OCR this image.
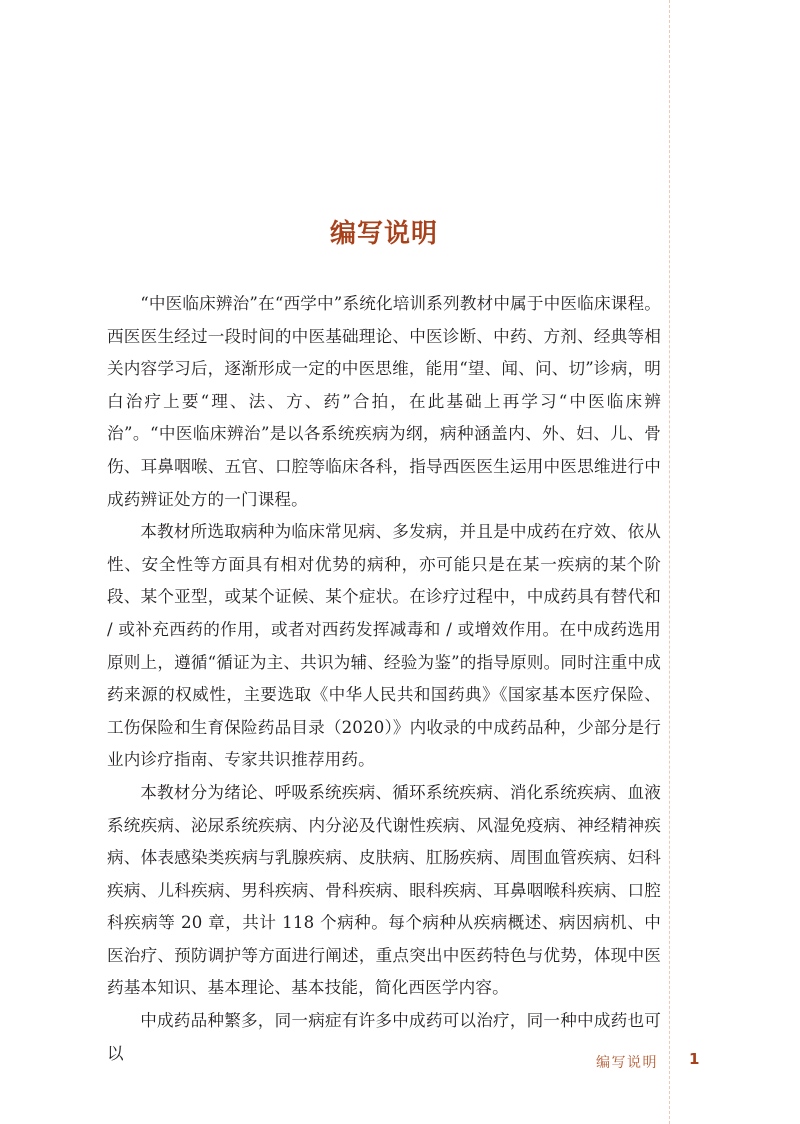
编写说明

“中医临床辨治”在“西学中”系统化培训系列教材中属于中医临床课程。西医医生经过一段时间的中医基础理论、中医诊断、中药、方剂、经典等相关内容学习后，逐渐形成一定的中医思维，能用“望、闻、问、切”诊病，明白治疗上要“理、法、方、药”合拍，在此基础上再学习“中医临床辨治”。“中医临床辨治”是以各系统疾病为纲，病种涵盖内、外、妇、儿、骨伤、耳鼻咽喉、五官、口腔等临床各科，指导西医医生运用中医思维进行中成药辨证处方的一门课程。

本教材所选取病种为临床常见病、多发病，并且是中成药在疗效、依从性、安全性等方面具有相对优势的病种，亦可能只是在某一疾病的某个阶段、某个亚型，或某个证候、某个症状。在诊疗过程中，中成药具有替代和 / 或补充西药的作用，或者对西药发挥减毒和 / 或增效作用。在中成药选用原则上，遵循“循证为主、共识为辅、经验为鉴”的指导原则。同时注重中成药来源的权威性，主要选取《中华人民共和国药典》《国家基本医疗保险、工伤保险和生育保险药品目录（2020）》内收录的中成药品种，少部分是行业内诊疗指南、专家共识推荐用药。

本教材分为绪论、呼吸系统疾病、循环系统疾病、消化系统疾病、血液系统疾病、泌尿系统疾病、内分泌及代谢性疾病、风湿免疫病、神经精神疾病、体表感染类疾病与乳腺疾病、皮肤病、肛肠疾病、周围血管疾病、妇科疾病、儿科疾病、男科疾病、骨科疾病、眼科疾病、耳鼻咽喉科疾病、口腔科疾病等 20 章，共计 118 个病种。每个病种从疾病概述、病因病机、中医治疗、预防调护等方面进行阐述，重点突出中医药特色与优势，体现中医药基本知识、基本理论、基本技能，简化西医学内容。

中成药品种繁多，同一病症有许多中成药可以治疗，同一种中成药也可以

编写说明 1
